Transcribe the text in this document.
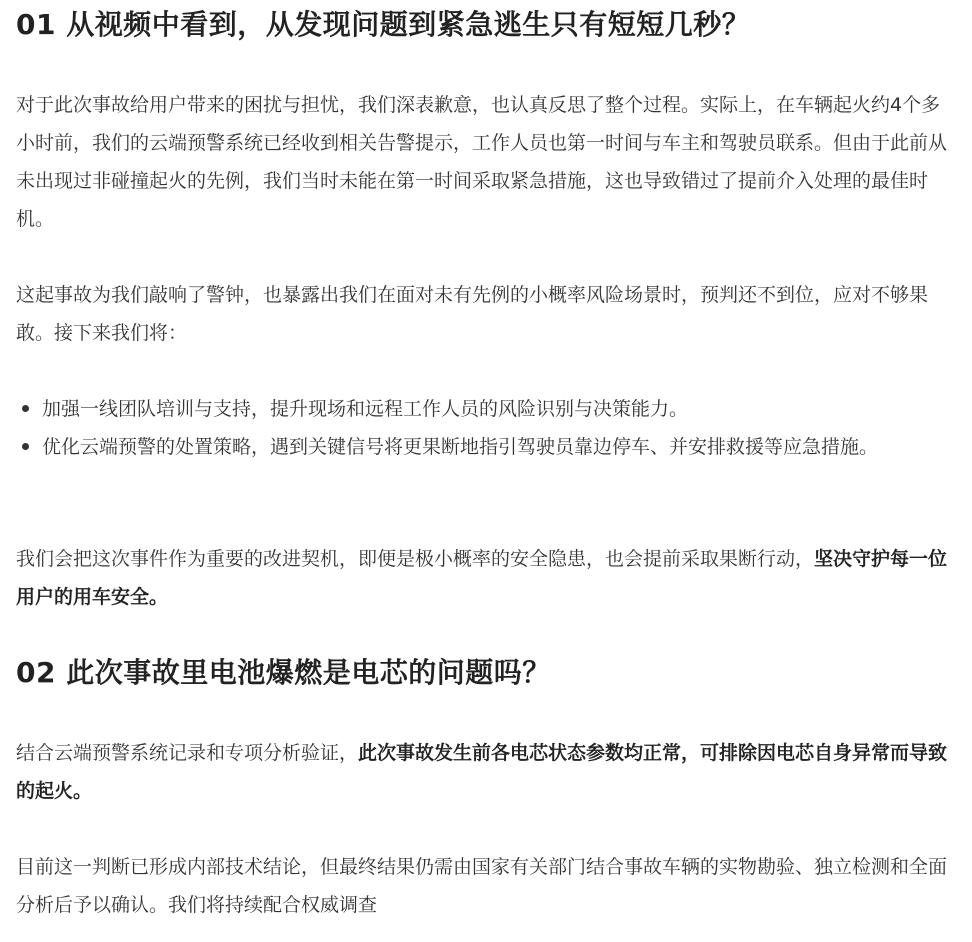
01 从视频中看到，从发现问题到紧急逃生只有短短几秒？

对于此次事故给用户带来的困扰与担忧，我们深表歉意，也认真反思了整个过程。实际上，在车辆起火约4个多小时前，我们的云端预警系统已经收到相关告警提示，工作人员也第一时间与车主和驾驶员联系。但由于此前从未出现过非碰撞起火的先例，我们当时未能在第一时间采取紧急措施，这也导致错过了提前介入处理的最佳时机。

这起事故为我们敲响了警钟，也暴露出我们在面对未有先例的小概率风险场景时，预判还不到位，应对不够果敢。接下来我们将：

加强一线团队培训与支持，提升现场和远程工作人员的风险识别与决策能力。
优化云端预警的处置策略，遇到关键信号将更果断地指引驾驶员靠边停车、并安排救援等应急措施。

我们会把这次事件作为重要的改进契机，即便是极小概率的安全隐患，也会提前采取果断行动，坚决守护每一位用户的用车安全。

02 此次事故里电池爆燃是电芯的问题吗？

结合云端预警系统记录和专项分析验证，此次事故发生前各电芯状态参数均正常，可排除因电芯自身异常而导致的起火。

目前这一判断已形成内部技术结论，但最终结果仍需由国家有关部门结合事故车辆的实物勘验、独立检测和全面分析后予以确认。我们将持续配合权威调查
